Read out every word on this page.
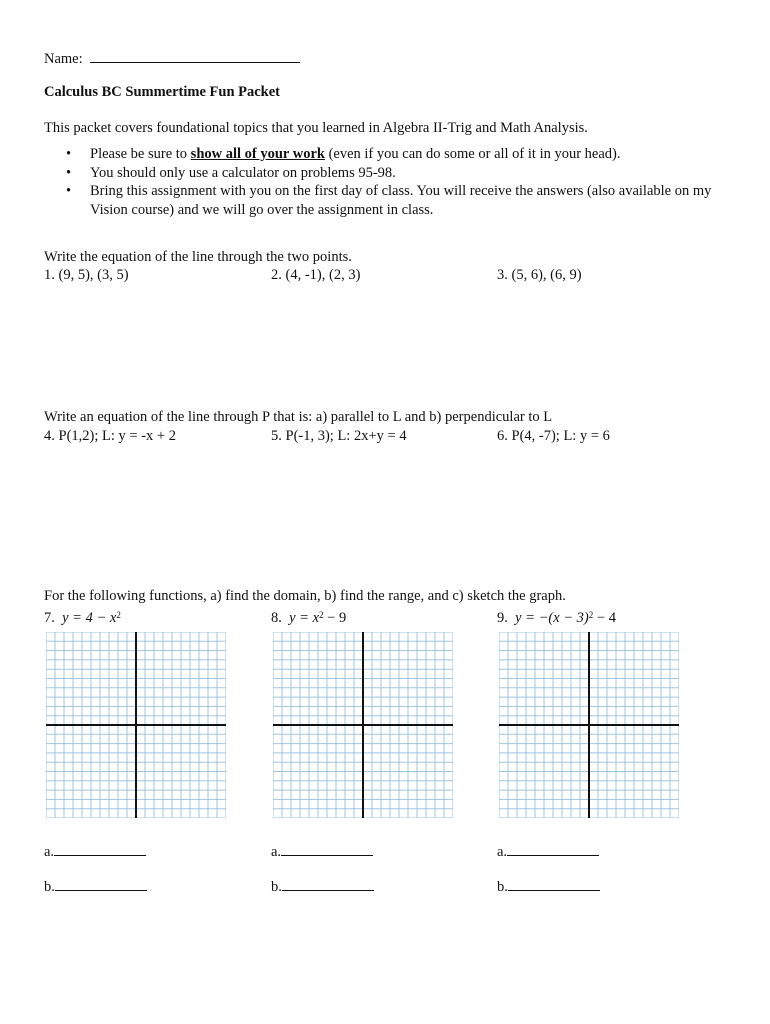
Name:
Calculus BC Summertime Fun Packet
This packet covers foundational topics that you learned in Algebra II-Trig and Math Analysis.
• Please be sure to show all of your work (even if you can do some or all of it in your head).
• You should only use a calculator on problems 95-98.
• Bring this assignment with you on the first day of class. You will receive the answers (also available on my Vision course) and we will go over the assignment in class.
Write the equation of the line through the two points.
1. (9, 5), (3, 5)	2. (4, -1), (2, 3)	3. (5, 6), (6, 9)
Write an equation of the line through P that is: a) parallel to L and b) perpendicular to L
4. P(1,2); L: y = -x + 2	5. P(-1, 3); L: 2x+y = 4	6. P(4, -7); L: y = 6
For the following functions, a) find the domain, b) find the range, and c) sketch the graph.
7. $y = 4 - x^2$	8. $y = x^2 - 9$	9. $y = -(x - 3)^2 - 4$
a.	a.	a.
b.	b.	b.
